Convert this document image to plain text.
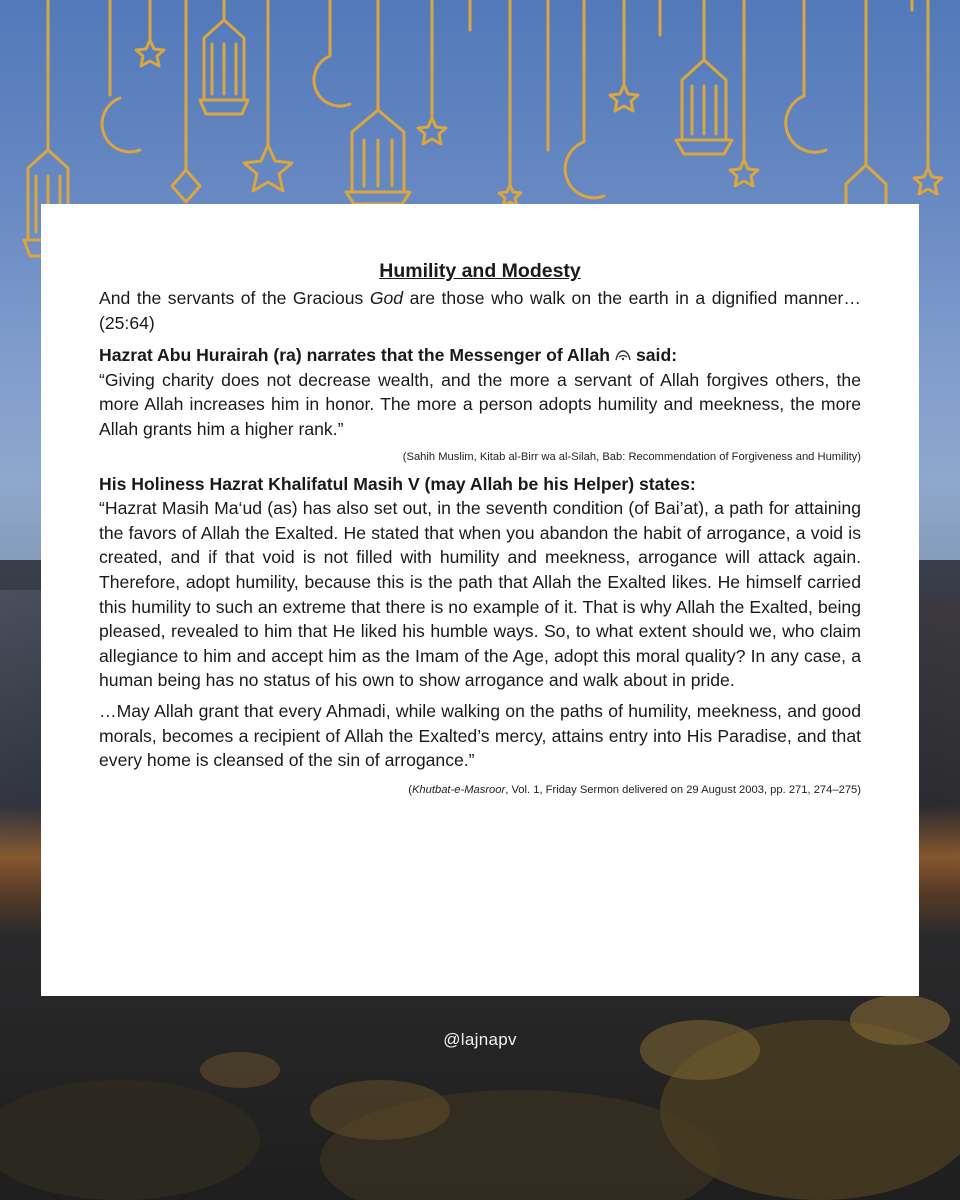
Humility and Modesty

And the servants of the Gracious God are those who walk on the earth in a dignified manner… (25:64)

Hazrat Abu Hurairah (ra) narrates that the Messenger of Allah said:

“Giving charity does not decrease wealth, and the more a servant of Allah forgives others, the more Allah increases him in honor. The more a person adopts humility and meekness, the more Allah grants him a higher rank.”

(Sahih Muslim, Kitab al-Birr wa al-Silah, Bab: Recommendation of Forgiveness and Humility)

His Holiness Hazrat Khalifatul Masih V (may Allah be his Helper) states:

“Hazrat Masih Ma‘ud (as) has also set out, in the seventh condition (of Bai’at), a path for attaining the favors of Allah the Exalted. He stated that when you abandon the habit of arrogance, a void is created, and if that void is not filled with humility and meekness, arrogance will attack again. Therefore, adopt humility, because this is the path that Allah the Exalted likes. He himself carried this humility to such an extreme that there is no example of it. That is why Allah the Exalted, being pleased, revealed to him that He liked his humble ways. So, to what extent should we, who claim allegiance to him and accept him as the Imam of the Age, adopt this moral quality? In any case, a human being has no status of his own to show arrogance and walk about in pride.

…May Allah grant that every Ahmadi, while walking on the paths of humility, meekness, and good morals, becomes a recipient of Allah the Exalted’s mercy, attains entry into His Paradise, and that every home is cleansed of the sin of arrogance.”

(Khutbat-e-Masroor, Vol. 1, Friday Sermon delivered on 29 August 2003, pp. 271, 274–275)
@lajnapv
